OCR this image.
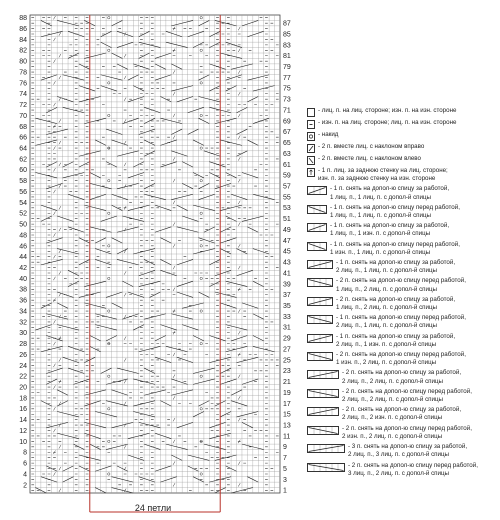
88
87
86
85
84
83
82
81
80
79
78
77
76
75
74
73
72
71
70
69
68
67
66
65
64
63
62
61
60
59
58
57
56
55
54
53
52
51
50
49
48
47
46
45
44
43
42
41
40
39
38
37
36
35
34
33
32
31
30
29
28
27
26
25
24
23
22
21
20
19
18
17
16
15
14
13
12
11
10
9
8
7
6
5
4
3
2
1
24 петли
- лиц. п. на лиц. стороне; изн. п. на изн. стороне
- изн. п. на лиц. стороне; лиц. п. на изн. стороне
- накид
- 2 п. вместе лиц. с наклоном вправо
- 2 п. вместе лиц. с наклоном влево
- 1 п. лиц. за заднюю стенку на лиц. стороне;
изн. п. за заднюю стенку на изн. стороне
- 1 п. снять на допол-ю спицу за работой,
1 лиц. п., 1 лиц. п. с допол-й спицы
- 1 п. снять на допол-ю спицу перед работой,
1 лиц. п., 1 лиц. п. с допол-й спицы
- 1 п. снять на допол-ю спицу за работой,
1 лиц. п., 1 изн. п. с допол-й спицы
- 1 п. снять на допол-ю спицу перед работой,
1 изн. п., 1 лиц. п. с допол-й спицы
- 1 п. снять на допол-ю спицу за работой,
2 лиц. п., 1 лиц. п. с допол-й спицы
- 2 п. снять на допол-ю спицу перед работой,
1 лиц. п., 2 лиц. п. с допол-й спицы
- 2 п. снять на допол-ю спицу за работой,
1 лиц. п., 2 лиц. п. с допол-й спицы
- 1 п. снять на допол-ю спицу перед работой,
2 лиц. п., 1 лиц. п. с допол-й спицы
- 1 п. снять на допол-ю спицу за работой,
2 лиц. п., 1 изн. п. с допол-й спицы
- 2 п. снять на допол-ю спицу перед работой,
1 изн. п., 2 лиц. п. с допол-й спицы
- 2 п. снять на допол-ю спицу за работой,
2 лиц. п., 2 лиц. п. с допол-й спицы
- 2 п. снять на допол-ю спицу перед работой,
2 лиц. п., 2 лиц. п. с допол-й спицы
- 2 п. снять на допол-ю спицу за работой,
2 лиц. п., 2 изн. п. с допол-й спицы
- 2 п. снять на допол-ю спицу перед работой,
2 изн. п., 2 лиц. п. с допол-й спицы
- 3 п. снять на допол-ю спицу за работой,
2 лиц. п., 3 лиц. п. с допол-й спицы
- 2 п. снять на допол-ю спицу перед работой,
3 лиц. п., 2 лиц. п. с допол-й спицы
